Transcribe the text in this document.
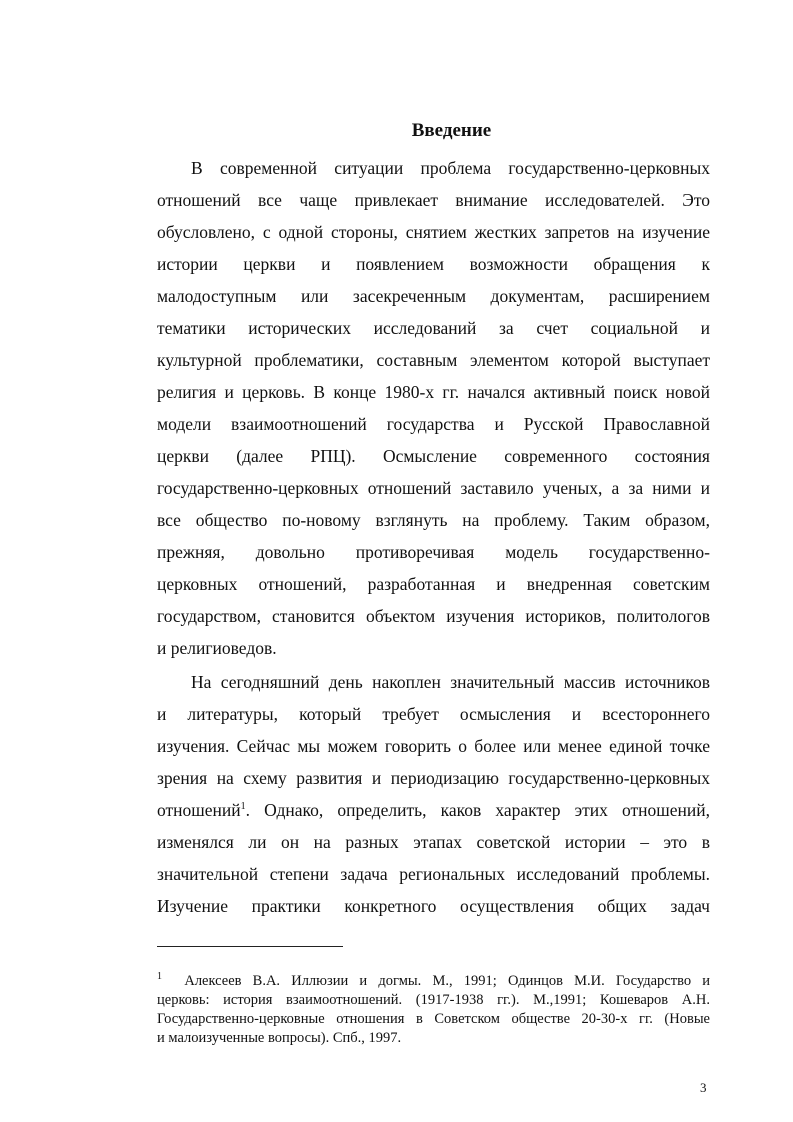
Введение
В современной ситуации проблема государственно-церковных
отношений все чаще привлекает внимание исследователей. Это
обусловлено, с одной стороны, снятием жестких запретов на изучение
истории церкви и появлением возможности обращения к
малодоступным или засекреченным документам, расширением
тематики исторических исследований за счет социальной и
культурной проблематики, составным элементом которой выступает
религия и церковь. В конце 1980-х гг. начался активный поиск новой
модели взаимоотношений государства и Русской Православной
церкви (далее РПЦ). Осмысление современного состояния
государственно-церковных отношений заставило ученых, а за ними и
все общество по-новому взглянуть на проблему. Таким образом,
прежняя, довольно противоречивая модель государственно-
церковных отношений, разработанная и внедренная советским
государством, становится объектом изучения историков, политологов
и религиоведов.
На сегодняшний день накоплен значительный массив источников
и литературы, который требует осмысления и всестороннего
изучения. Сейчас мы можем говорить о более или менее единой точке
зрения на схему развития и периодизацию государственно-церковных
отношений$^1$. Однако, определить, каков характер этих отношений,
изменялся ли он на разных этапах советской истории – это в
значительной степени задача региональных исследований проблемы.
Изучение практики конкретного осуществления общих задач
$^1$ Алексеев В.А. Иллюзии и догмы. М., 1991; Одинцов М.И. Государство и
церковь: история взаимоотношений. (1917-1938 гг.). М.,1991; Кошеваров А.Н.
Государственно-церковные отношения в Советском обществе 20-30-х гг. (Новые
и малоизученные вопросы). Спб., 1997.
3
